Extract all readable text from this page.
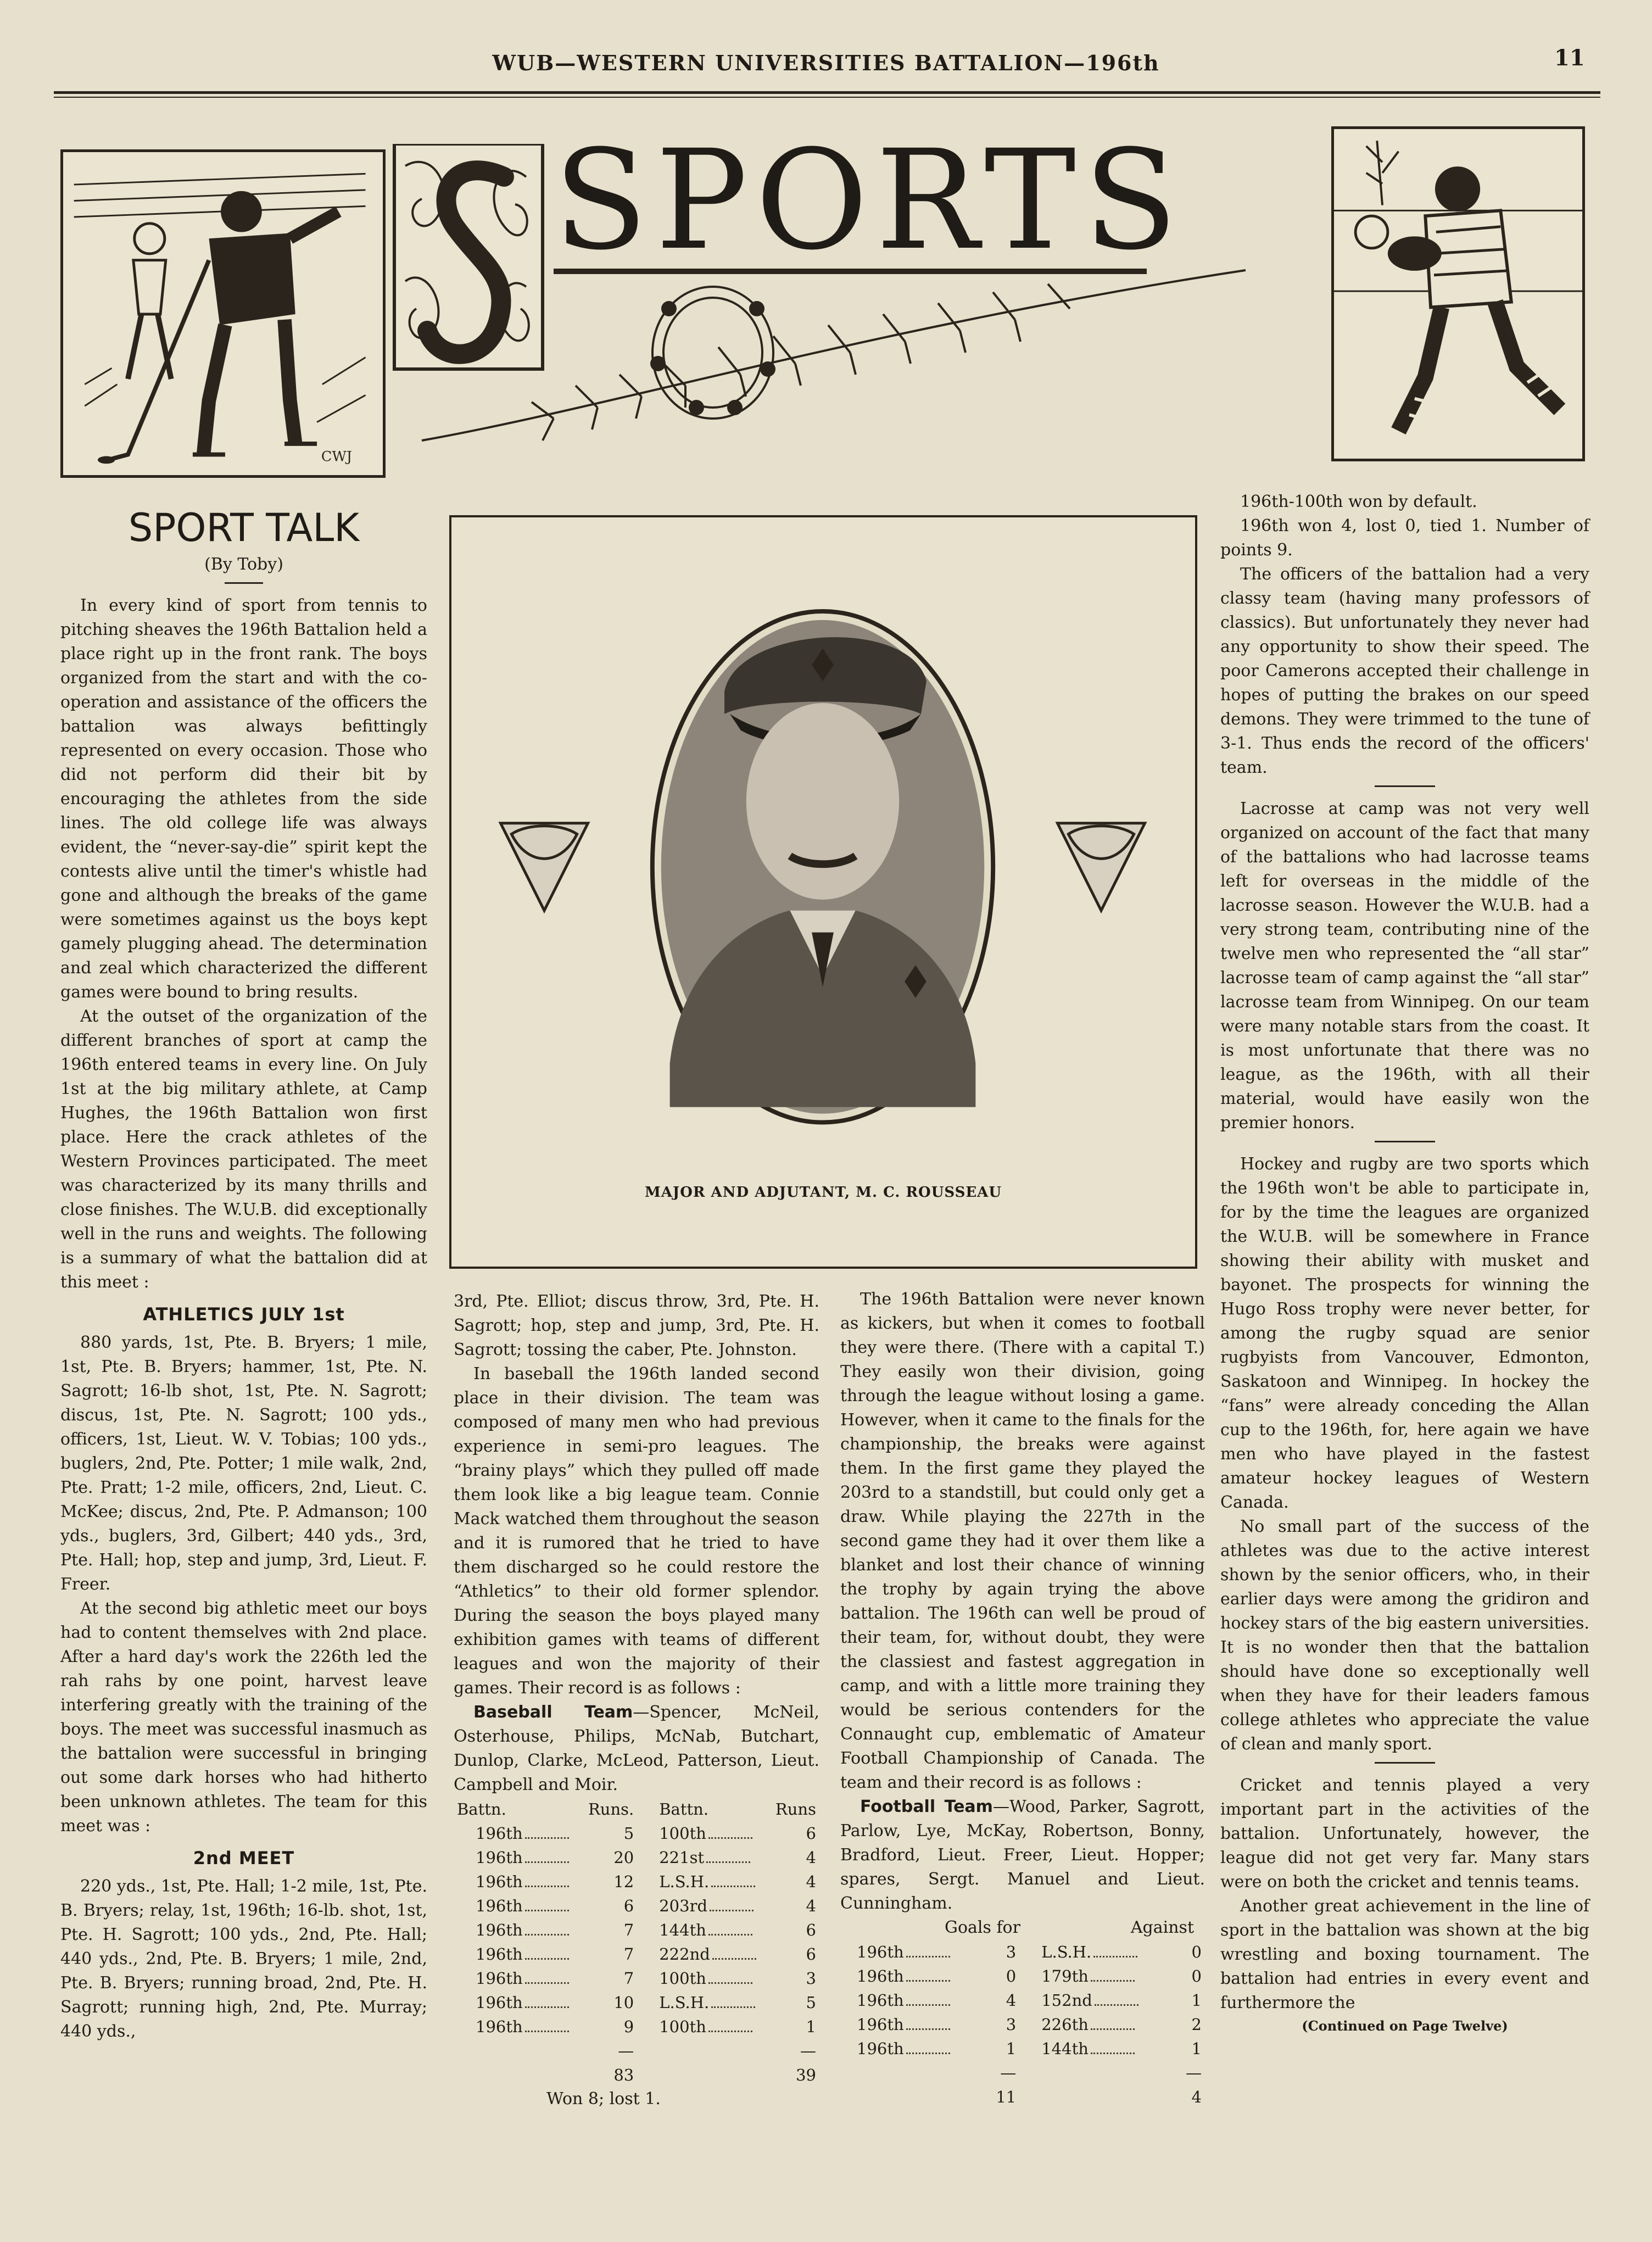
WUB—WESTERN UNIVERSITIES BATTALION—196th	11
CWJ
SPORTS
MAJOR AND ADJUTANT, M. C. ROUSSEAU
SPORT TALK
(By Toby)

In every kind of sport from tennis to pitching sheaves the 196th Battalion held a place right up in the front rank. The boys organized from the start and with the co-operation and assistance of the officers the battalion was always befittingly represented on every occasion. Those who did not perform did their bit by encouraging the athletes from the side lines. The old college life was always evident, the “never-say-die” spirit kept the contests alive until the timer's whistle had gone and although the breaks of the game were sometimes against us the boys kept gamely plugging ahead. The determination and zeal which characterized the different games were bound to bring results.

At the outset of the organization of the different branches of sport at camp the 196th entered teams in every line. On July 1st at the big military athlete, at Camp Hughes, the 196th Battalion won first place. Here the crack athletes of the Western Provinces participated. The meet was characterized by its many thrills and close finishes. The W.U.B. did exceptionally well in the runs and weights. The following is a summary of what the battalion did at this meet :

ATHLETICS JULY 1st

880 yards, 1st, Pte. B. Bryers; 1 mile, 1st, Pte. B. Bryers; hammer, 1st, Pte. N. Sagrott; 16-lb shot, 1st, Pte. N. Sagrott; discus, 1st, Pte. N. Sagrott; 100 yds., officers, 1st, Lieut. W. V. Tobias; 100 yds., buglers, 2nd, Pte. Potter; 1 mile walk, 2nd, Pte. Pratt; 1-2 mile, officers, 2nd, Lieut. C. McKee; discus, 2nd, Pte. P. Admanson; 100 yds., buglers, 3rd, Gilbert; 440 yds., 3rd, Pte. Hall; hop, step and jump, 3rd, Lieut. F. Freer.

At the second big athletic meet our boys had to content themselves with 2nd place. After a hard day's work the 226th led the rah rahs by one point, harvest leave interfering greatly with the training of the boys. The meet was successful inasmuch as the battalion were successful in bringing out some dark horses who had hitherto been unknown athletes. The team for this meet was :

2nd MEET

220 yds., 1st, Pte. Hall; 1-2 mile, 1st, Pte. B. Bryers; relay, 1st, 196th; 16-lb. shot, 1st, Pte. H. Sagrott; 100 yds., 2nd, Pte. Hall; 440 yds., 2nd, Pte. B. Bryers; 1 mile, 2nd, Pte. B. Bryers; running broad, 2nd, Pte. H. Sagrott; running high, 2nd, Pte. Murray; 440 yds.,

3rd, Pte. Elliot; discus throw, 3rd, Pte. H. Sagrott; hop, step and jump, 3rd, Pte. H. Sagrott; tossing the caber, Pte. Johnston.

In baseball the 196th landed second place in their division. The team was composed of many men who had previous experience in semi-pro leagues. The “brainy plays” which they pulled off made them look like a big league team. Connie Mack watched them throughout the season and it is rumored that he tried to have them discharged so he could restore the “Athletics” to their old former splendor. During the season the boys played many exhibition games with teams of different leagues and won the majority of their games. Their record is as follows :

Baseball Team—Spencer, McNeil, Osterhouse, Philips, McNab, Butchart, Dunlop, Clarke, McLeod, Patterson, Lieut. Campbell and Moir.

Battn.	Runs.	Battn.	Runs
196th	5	100th	6
196th	20	221st	4
196th	12	L.S.H.	4
196th	6	203rd	4
196th	7	144th	6
196th	7	222nd	6
196th	7	100th	3
196th	10	L.S.H.	5
196th	9	100th	1
	—		—
	83		39
Won 8; lost 1.

The 196th Battalion were never known as kickers, but when it comes to football they were there. (There with a capital T.) They easily won their division, going through the league without losing a game. However, when it came to the finals for the championship, the breaks were against them. In the first game they played the 203rd to a standstill, but could only get a draw. While playing the 227th in the second game they had it over them like a blanket and lost their chance of winning the trophy by again trying the above battalion. The 196th can well be proud of their team, for, without doubt, they were the classiest and fastest aggregation in camp, and with a little more training they would be serious contenders for the Connaught cup, emblematic of Amateur Football Championship of Canada. The team and their record is as follows :

Football Team—Wood, Parker, Sagrott, Parlow, Lye, McKay, Robertson, Bonny, Bradford, Lieut. Freer, Lieut. Hopper; spares, Sergt. Manuel and Lieut. Cunningham.

Goals for	Against
196th	3	L.S.H.	0
196th	0	179th	0
196th	4	152nd	1
196th	3	226th	2
196th	1	144th	1
	—		—
	11		4

196th-100th won by default.

196th won 4, lost 0, tied 1. Number of points 9.

The officers of the battalion had a very classy team (having many professors of classics). But unfortunately they never had any opportunity to show their speed. The poor Camerons accepted their challenge in hopes of putting the brakes on our speed demons. They were trimmed to the tune of 3-1. Thus ends the record of the officers' team.

Lacrosse at camp was not very well organized on account of the fact that many of the battalions who had lacrosse teams left for overseas in the middle of the lacrosse season. However the W.U.B. had a very strong team, contributing nine of the twelve men who represented the “all star” lacrosse team of camp against the “all star” lacrosse team from Winnipeg. On our team were many notable stars from the coast. It is most unfortunate that there was no league, as the 196th, with all their material, would have easily won the premier honors.

Hockey and rugby are two sports which the 196th won't be able to participate in, for by the time the leagues are organized the W.U.B. will be somewhere in France showing their ability with musket and bayonet. The prospects for winning the Hugo Ross trophy were never better, for among the rugby squad are senior rugbyists from Vancouver, Edmonton, Saskatoon and Winnipeg. In hockey the “fans” were already conceding the Allan cup to the 196th, for, here again we have men who have played in the fastest amateur hockey leagues of Western Canada.

No small part of the success of the athletes was due to the active interest shown by the senior officers, who, in their earlier days were among the gridiron and hockey stars of the big eastern universities. It is no wonder then that the battalion should have done so exceptionally well when they have for their leaders famous college athletes who appreciate the value of clean and manly sport.

Cricket and tennis played a very important part in the activities of the battalion. Unfortunately, however, the league did not get very far. Many stars were on both the cricket and tennis teams.

Another great achievement in the line of sport in the battalion was shown at the big wrestling and boxing tournament. The battalion had entries in every event and furthermore the

(Continued on Page Twelve)
